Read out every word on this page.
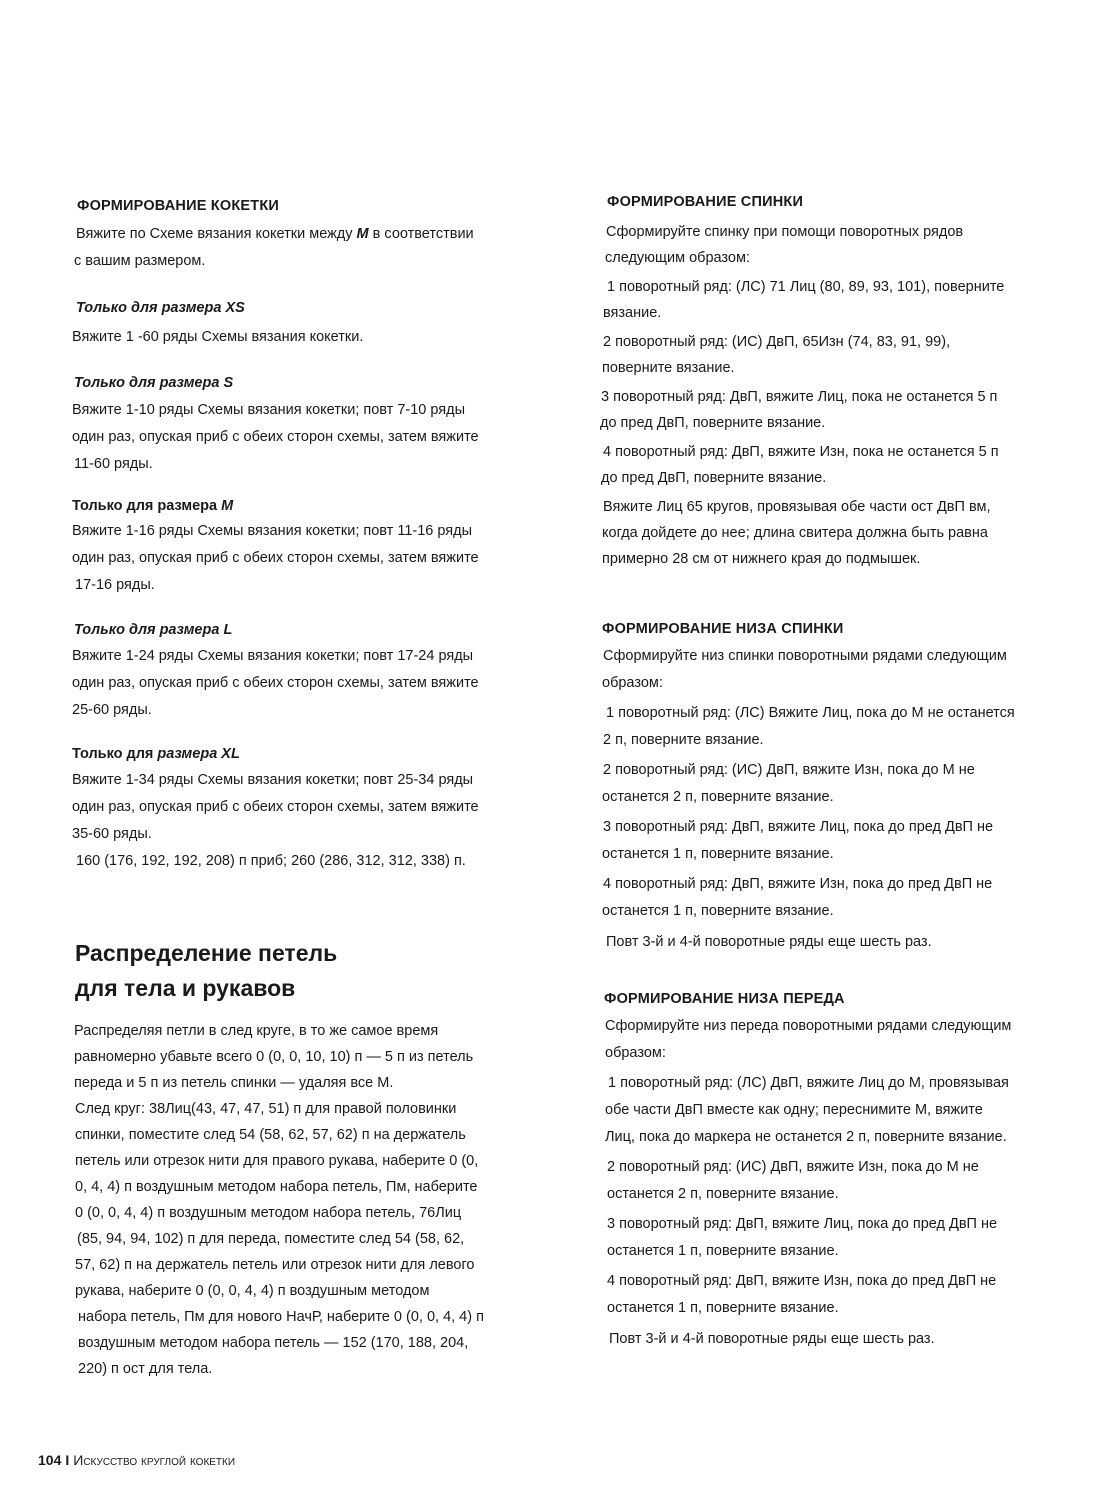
ФОРМИРОВАНИЕ КОКЕТКИ

Вяжите по Схеме вязания кокетки между М в соответствии

с вашим размером.

Только для размера XS

Вяжите 1 -60 ряды Схемы вязания кокетки.

Только для размера S

Вяжите 1-10 ряды Схемы вязания кокетки; повт 7-10 ряды

один раз, опуская приб с обеих сторон схемы, затем вяжите

11-60 ряды.

Только для размера М

Вяжите 1-16 ряды Схемы вязания кокетки; повт 11-16 ряды

один раз, опуская приб с обеих сторон схемы, затем вяжите

17-16 ряды.

Только для размера L

Вяжите 1-24 ряды Схемы вязания кокетки; повт 17-24 ряды

один раз, опуская приб с обеих сторон схемы, затем вяжите

25-60 ряды.

Только для размера XL

Вяжите 1-34 ряды Схемы вязания кокетки; повт 25-34 ряды

один раз, опуская приб с обеих сторон схемы, затем вяжите

35-60 ряды.

160 (176, 192, 192, 208) п приб; 260 (286, 312, 312, 338) п.

Распределение петель

для тела и рукавов

Распределяя петли в след круге, в то же самое время

равномерно убавьте всего 0 (0, 0, 10, 10) п — 5 п из петель

переда и 5 п из петель спинки — удаляя все М.

След круг: 38Лиц(43, 47, 47, 51) п для правой половинки

спинки, поместите след 54 (58, 62, 57, 62) п на держатель

петель или отрезок нити для правого рукава, наберите 0 (0,

0, 4, 4) п воздушным методом набора петель, Пм, наберите

0 (0, 0, 4, 4) п воздушным методом набора петель, 76Лиц

(85, 94, 94, 102) п для переда, поместите след 54 (58, 62,

57, 62) п на держатель петель или отрезок нити для левого

рукава, наберите 0 (0, 0, 4, 4) п воздушным методом

набора петель, Пм для нового НачР, наберите 0 (0, 0, 4, 4) п

воздушным методом набора петель — 152 (170, 188, 204,

220) п ост для тела.

ФОРМИРОВАНИЕ СПИНКИ

Сформируйте спинку при помощи поворотных рядов

следующим образом:

1 поворотный ряд: (ЛС) 71 Лиц (80, 89, 93, 101), поверните

вязание.

2 поворотный ряд: (ИС) ДвП, 65Изн (74, 83, 91, 99),

поверните вязание.

3 поворотный ряд: ДвП, вяжите Лиц, пока не останется 5 п

до пред ДвП, поверните вязание.

4 поворотный ряд: ДвП, вяжите Изн, пока не останется 5 п

до пред ДвП, поверните вязание.

Вяжите Лиц 65 кругов, провязывая обе части ост ДвП вм,

когда дойдете до нее; длина свитера должна быть равна

примерно 28 см от нижнего края до подмышек.

ФОРМИРОВАНИЕ НИЗА СПИНКИ

Сформируйте низ спинки поворотными рядами следующим

образом:

1 поворотный ряд: (ЛС) Вяжите Лиц, пока до М не останется

2 п, поверните вязание.

2 поворотный ряд: (ИС) ДвП, вяжите Изн, пока до М не

останется 2 п, поверните вязание.

3 поворотный ряд: ДвП, вяжите Лиц, пока до пред ДвП не

останется 1 п, поверните вязание.

4 поворотный ряд: ДвП, вяжите Изн, пока до пред ДвП не

останется 1 п, поверните вязание.

Повт 3-й и 4-й поворотные ряды еще шесть раз.

ФОРМИРОВАНИЕ НИЗА ПЕРЕДА

Сформируйте низ переда поворотными рядами следующим

образом:

1 поворотный ряд: (ЛС) ДвП, вяжите Лиц до М, провязывая

обе части ДвП вместе как одну; переснимите М, вяжите

Лиц, пока до маркера не останется 2 п, поверните вязание.

2 поворотный ряд: (ИС) ДвП, вяжите Изн, пока до М не

останется 2 п, поверните вязание.

3 поворотный ряд: ДвП, вяжите Лиц, пока до пред ДвП не

останется 1 п, поверните вязание.

4 поворотный ряд: ДвП, вяжите Изн, пока до пред ДвП не

останется 1 п, поверните вязание.

Повт 3-й и 4-й поворотные ряды еще шесть раз.

104 I Искусство круглой кокетки
